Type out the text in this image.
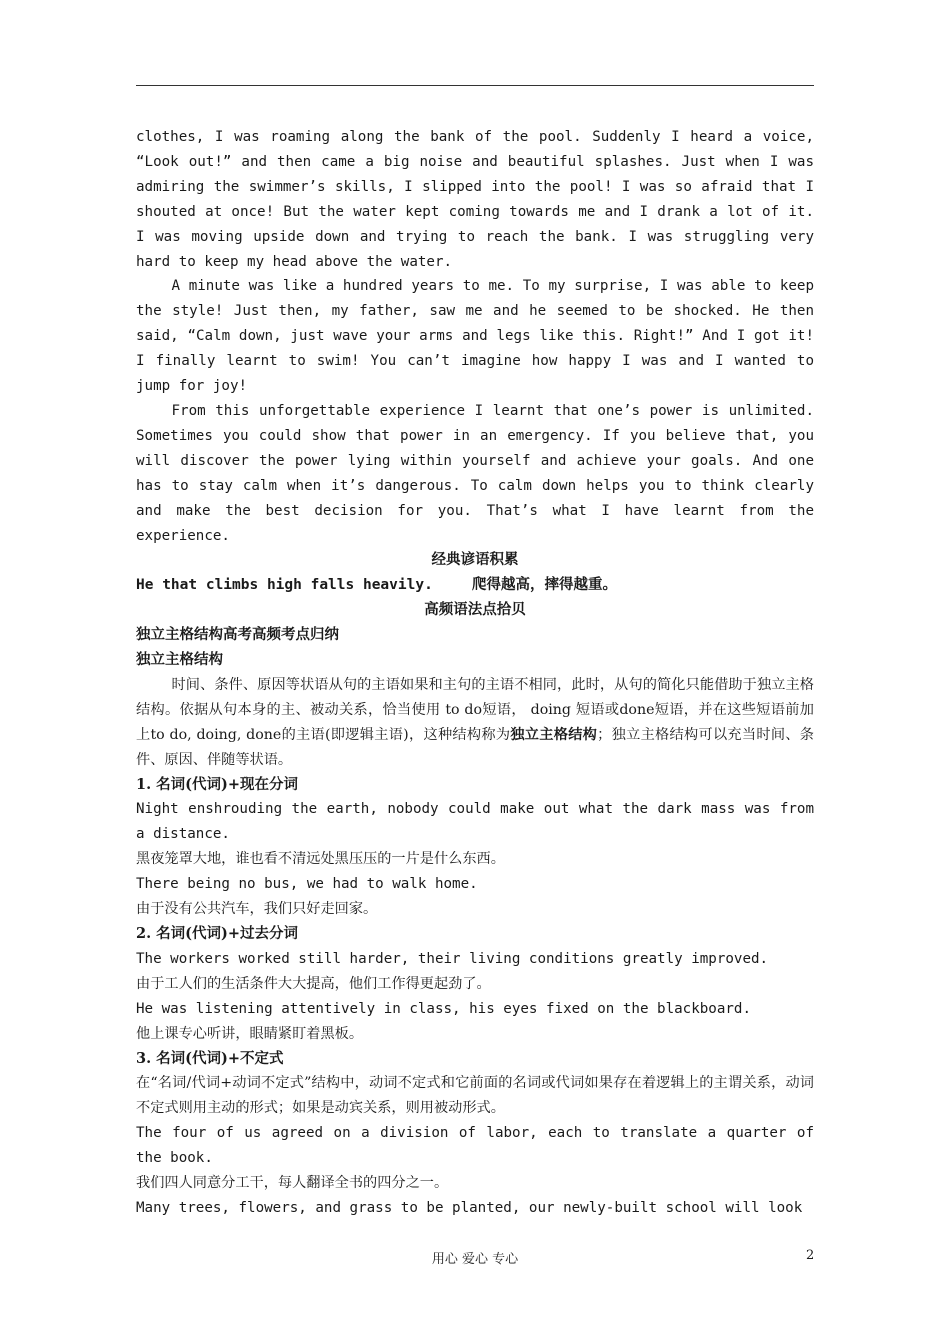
clothes, I was roaming along the bank of the pool. Suddenly I heard a voice, “Look out!” and then came a big noise and beautiful splashes. Just when I was admiring the swimmer’s skills, I slipped into the pool! I was so afraid that I shouted at once! But the water kept coming towards me and I drank a lot of it. I was moving upside down and trying to reach the bank. I was struggling very hard to keep my head above the water.

A minute was like a hundred years to me. To my surprise, I was able to keep the style! Just then, my father, saw me and he seemed to be shocked. He then said, “Calm down, just wave your arms and legs like this. Right!” And I got it! I finally learnt to swim! You can’t imagine how happy I was and I wanted to jump for joy!

From this unforgettable experience I learnt that one’s power is unlimited. Sometimes you could show that power in an emergency. If you believe that, you will discover the power lying within yourself and achieve your goals. And one has to stay calm when it’s dangerous. To calm down helps you to think clearly and make the best decision for you. That’s what I have learnt from the experience.

经典谚语积累

He that climbs high falls heavily.	爬得越高，摔得越重。

高频语法点拾贝

独立主格结构高考高频考点归纳

独立主格结构

时间、条件、原因等状语从句的主语如果和主句的主语不相同，此时，从句的简化只能借助于独立主格结构。依据从句本身的主、被动关系，恰当使用 to do短语， doing 短语或done短语，并在这些短语前加上to do, doing, done的主语(即逻辑主语)，这种结构称为独立主格结构；独立主格结构可以充当时间、条件、原因、伴随等状语。

1. 名词(代词)+现在分词

Night enshrouding the earth, nobody could make out what the dark mass was from a distance.

黑夜笼罩大地，谁也看不清远处黑压压的一片是什么东西。

There being no bus, we had to walk home.

由于没有公共汽车，我们只好走回家。

2. 名词(代词)+过去分词

The workers worked still harder, their living conditions greatly improved.

由于工人们的生活条件大大提高，他们工作得更起劲了。

He was listening attentively in class, his eyes fixed on the blackboard.

他上课专心听讲，眼睛紧盯着黑板。

3. 名词(代词)+不定式

在“名词/代词+动词不定式”结构中，动词不定式和它前面的名词或代词如果存在着逻辑上的主谓关系，动词不定式则用主动的形式；如果是动宾关系，则用被动形式。

The four of us agreed on a division of labor, each to translate a quarter of the book.

我们四人同意分工干，每人翻译全书的四分之一。

Many trees, flowers, and grass to be planted, our newly-built school will look

用心 爱心 专心	2
